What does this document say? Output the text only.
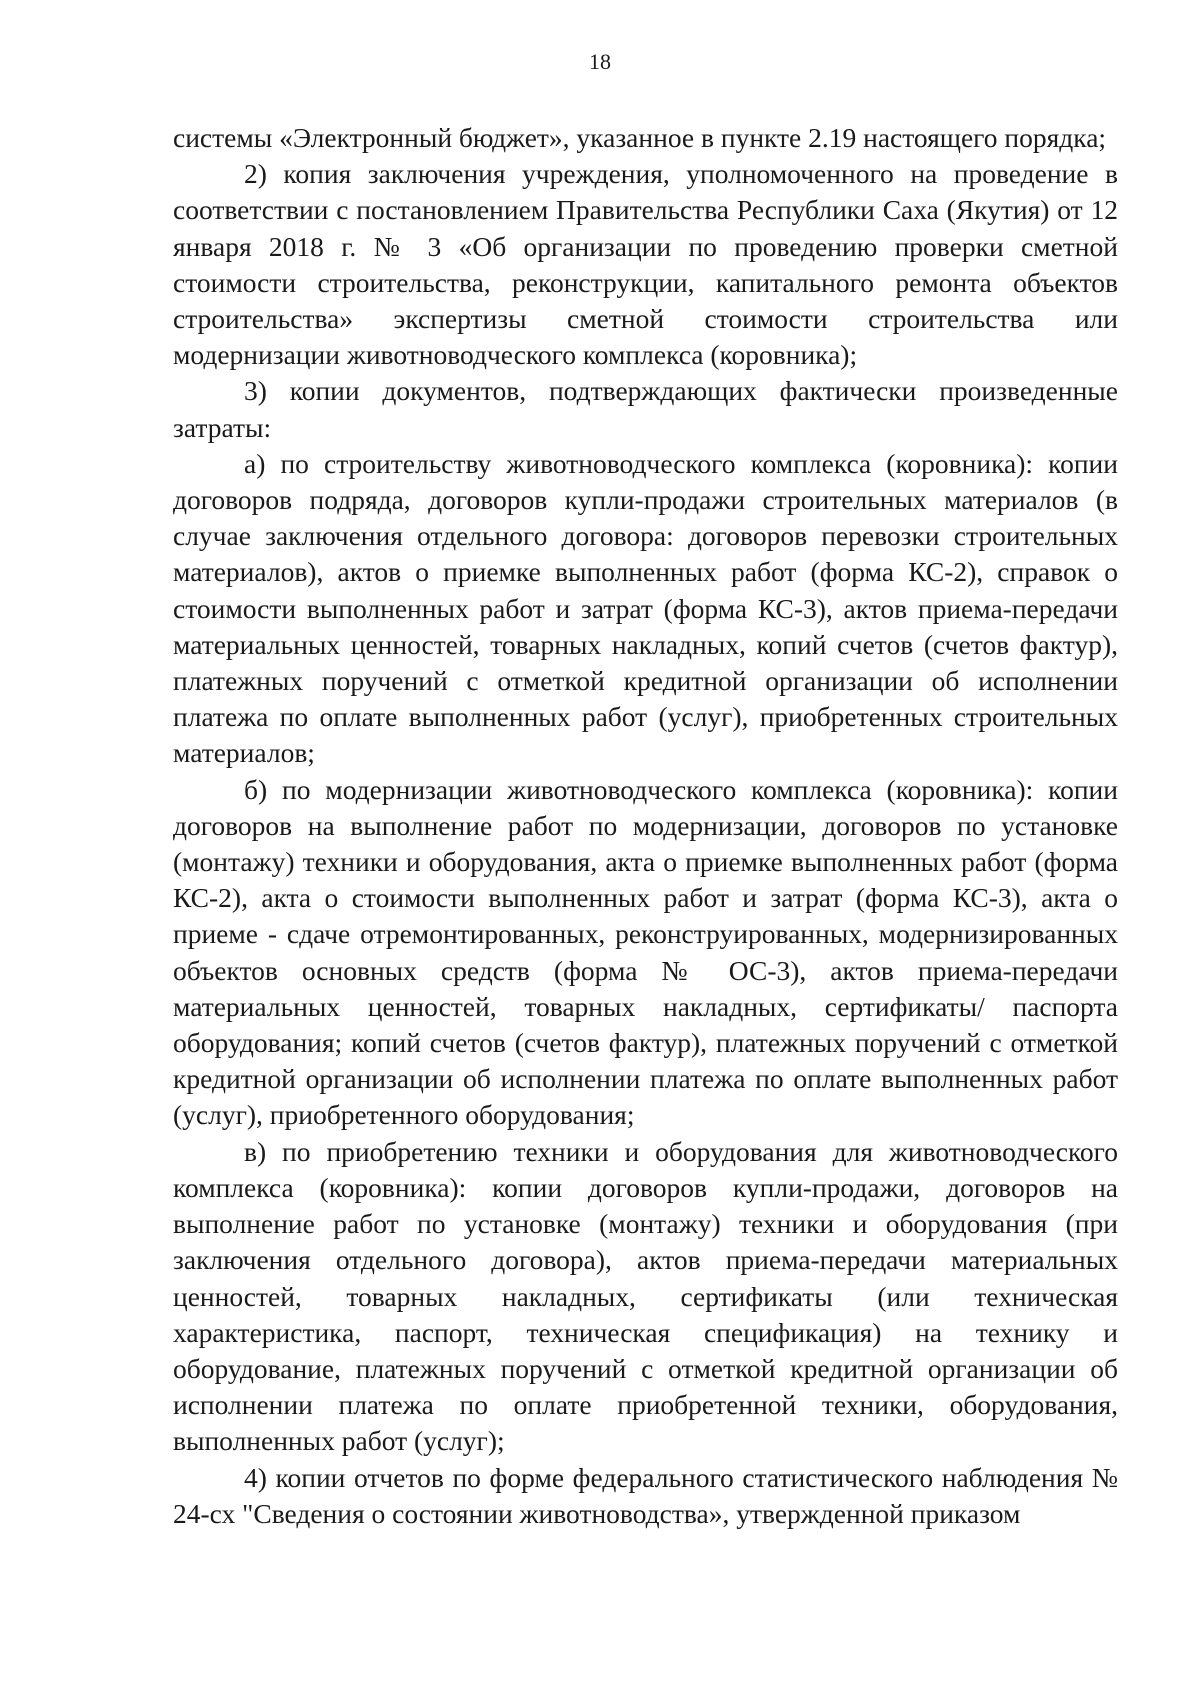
18

системы «Электронный бюджет», указанное в пункте 2.19 настоящего порядка;

2) копия заключения учреждения, уполномоченного на проведение в соответствии с постановлением Правительства Республики Саха (Якутия) от 12 января 2018 г. № 3 «Об организации по проведению проверки сметной стоимости строительства, реконструкции, капитального ремонта объектов строительства» экспертизы сметной стоимости строительства или модернизации животноводческого комплекса (коровника);

3) копии документов, подтверждающих фактически произведенные затраты:

а) по строительству животноводческого комплекса (коровника): копии договоров подряда, договоров купли-продажи строительных материалов (в случае заключения отдельного договора: договоров перевозки строительных материалов), актов о приемке выполненных работ (форма КС-2), справок о стоимости выполненных работ и затрат (форма КС-3), актов приема-передачи материальных ценностей, товарных накладных, копий счетов (счетов фактур), платежных поручений с отметкой кредитной организации об исполнении платежа по оплате выполненных работ (услуг), приобретенных строительных материалов;

б) по модернизации животноводческого комплекса (коровника): копии договоров на выполнение работ по модернизации, договоров по установке (монтажу) техники и оборудования, акта о приемке выполненных работ (форма КС-2), акта о стоимости выполненных работ и затрат (форма КС-3), акта о приеме - сдаче отремонтированных, реконструированных, модернизированных объектов основных средств (форма № ОС-3), актов приема-передачи материальных ценностей, товарных накладных, сертификаты/ паспорта оборудования; копий счетов (счетов фактур), платежных поручений с отметкой кредитной организации об исполнении платежа по оплате выполненных работ (услуг), приобретенного оборудования;

в) по приобретению техники и оборудования для животноводческого комплекса (коровника): копии договоров купли-продажи, договоров на выполнение работ по установке (монтажу) техники и оборудования (при заключения отдельного договора), актов приема-передачи материальных ценностей, товарных накладных, сертификаты (или техническая характеристика, паспорт, техническая спецификация) на технику и оборудование, платежных поручений с отметкой кредитной организации об исполнении платежа по оплате приобретенной техники, оборудования, выполненных работ (услуг);

4) копии отчетов по форме федерального статистического наблюдения № 24-сх "Сведения о состоянии животноводства», утвержденной приказом
